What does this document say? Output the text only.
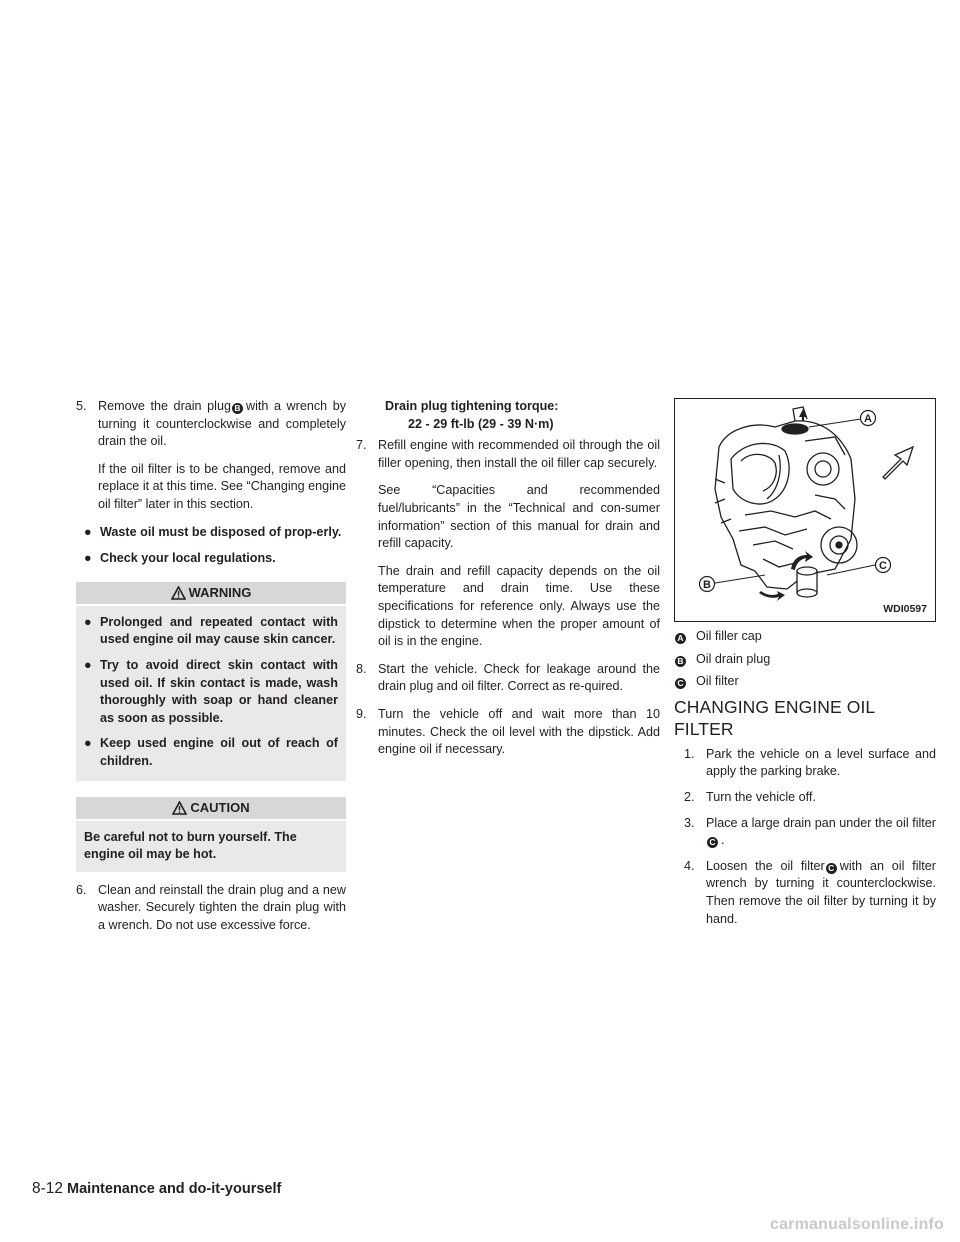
5. Remove the drain plug B with a wrench by turning it counterclockwise and completely drain the oil.

If the oil filter is to be changed, remove and replace it at this time. See “Changing engine oil filter” later in this section.

● Waste oil must be disposed of prop-erly.
● Check your local regulations.
WARNING
● Prolonged and repeated contact with used engine oil may cause skin cancer.
● Try to avoid direct skin contact with used oil. If skin contact is made, wash thoroughly with soap or hand cleaner as soon as possible.
● Keep used engine oil out of reach of children.
CAUTION

Be careful not to burn yourself. The engine oil may be hot.

6. Clean and reinstall the drain plug and a new washer. Securely tighten the drain plug with a wrench. Do not use excessive force.

Drain plug tightening torque:

22 - 29 ft-lb (29 - 39 N·m)

7. Refill engine with recommended oil through the oil filler opening, then install the oil filler cap securely.

See “Capacities and recommended fuel/lubricants” in the “Technical and con-sumer information” section of this manual for drain and refill capacity.

The drain and refill capacity depends on the oil temperature and drain time. Use these specifications for reference only. Always use the dipstick to determine when the proper amount of oil is in the engine.

8. Start the vehicle. Check for leakage around the drain plug and oil filter. Correct as re-quired.
9. Turn the vehicle off and wait more than 10 minutes. Check the oil level with the dipstick. Add engine oil if necessary.
A
B
C
WDI0597

A Oil filler cap

B Oil drain plug

C Oil filter

CHANGING ENGINE OIL FILTER
1. Park the vehicle on a level surface and apply the parking brake.
2. Turn the vehicle off.
3. Place a large drain pan under the oil filterC .
4. Loosen the oil filter C with an oil filter wrench by turning it counterclockwise. Then remove the oil filter by turning it by hand.
8-12 Maintenance and do-it-yourself
carmanualsonline.info
